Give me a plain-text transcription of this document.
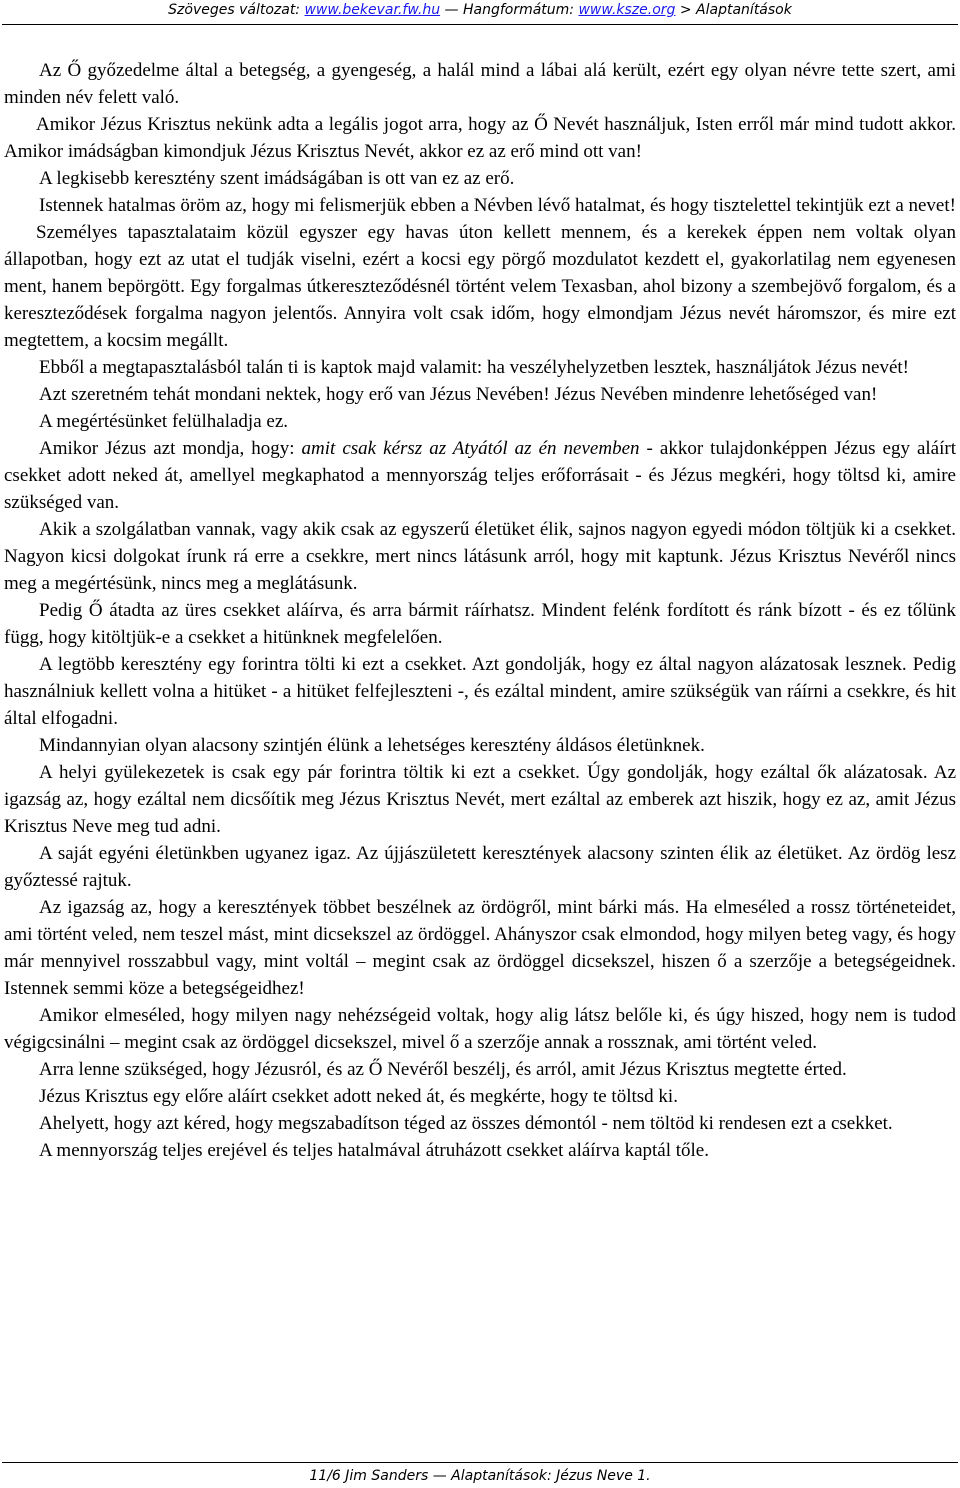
Szöveges változat: www.bekevar.fw.hu — Hangformátum: www.ksze.org > Alaptanítások

Az Ő győzedelme által a betegség, a gyengeség, a halál mind a lábai alá került, ezért egy olyan névre tette szert, ami minden név felett való.

Amikor Jézus Krisztus nekünk adta a legális jogot arra, hogy az Ő Nevét használjuk, Isten erről már mind tudott akkor. Amikor imádságban kimondjuk Jézus Krisztus Nevét, akkor ez az erő mind ott van!

A legkisebb keresztény szent imádságában is ott van ez az erő.

Istennek hatalmas öröm az, hogy mi felismerjük ebben a Névben lévő hatalmat, és hogy tisztelettel tekintjük ezt a nevet!

Személyes tapasztalataim közül egyszer egy havas úton kellett mennem, és a kerekek éppen nem voltak olyan állapotban, hogy ezt az utat el tudják viselni, ezért a kocsi egy pörgő mozdulatot kezdett el, gyakorlatilag nem egyenesen ment, hanem bepörgött. Egy forgalmas útkereszteződésnél történt velem Texasban, ahol bizony a szembejövő forgalom, és a kereszteződések forgalma nagyon jelentős. Annyira volt csak időm, hogy elmondjam Jézus nevét háromszor, és mire ezt megtettem, a kocsim megállt.

Ebből a megtapasztalásból talán ti is kaptok majd valamit: ha veszélyhelyzetben lesztek, használjátok Jézus nevét!

Azt szeretném tehát mondani nektek, hogy erő van Jézus Nevében! Jézus Nevében mindenre lehetőséged van!

A megértésünket felülhaladja ez.

Amikor Jézus azt mondja, hogy: amit csak kérsz az Atyától az én nevemben - akkor tulajdonképpen Jézus egy aláírt csekket adott neked át, amellyel megkaphatod a mennyország teljes erőforrásait - és Jézus megkéri, hogy töltsd ki, amire szükséged van.

Akik a szolgálatban vannak, vagy akik csak az egyszerű életüket élik, sajnos nagyon egyedi módon töltjük ki a csekket. Nagyon kicsi dolgokat írunk rá erre a csekkre, mert nincs látásunk arról, hogy mit kaptunk. Jézus Krisztus Nevéről nincs meg a megértésünk, nincs meg a meglátásunk.

Pedig Ő átadta az üres csekket aláírva, és arra bármit ráírhatsz. Mindent felénk fordított és ránk bízott - és ez tőlünk függ, hogy kitöltjük-e a csekket a hitünknek megfelelően.

A legtöbb keresztény egy forintra tölti ki ezt a csekket. Azt gondolják, hogy ez által nagyon alázatosak lesznek. Pedig használniuk kellett volna a hitüket - a hitüket felfejleszteni -, és ezáltal mindent, amire szükségük van ráírni a csekkre, és hit által elfogadni.

Mindannyian olyan alacsony szintjén élünk a lehetséges keresztény áldásos életünknek.

A helyi gyülekezetek is csak egy pár forintra töltik ki ezt a csekket. Úgy gondolják, hogy ezáltal ők alázatosak. Az igazság az, hogy ezáltal nem dicsőítik meg Jézus Krisztus Nevét, mert ezáltal az emberek azt hiszik, hogy ez az, amit Jézus Krisztus Neve meg tud adni.

A saját egyéni életünkben ugyanez igaz. Az újjászületett keresztények alacsony szinten élik az életüket. Az ördög lesz győztessé rajtuk.

Az igazság az, hogy a keresztények többet beszélnek az ördögről, mint bárki más. Ha elmeséled a rossz történeteidet, ami történt veled, nem teszel mást, mint dicsekszel az ördöggel. Ahányszor csak elmondod, hogy milyen beteg vagy, és hogy már mennyivel rosszabbul vagy, mint voltál – megint csak az ördöggel dicsekszel, hiszen ő a szerzője a betegségeidnek. Istennek semmi köze a betegségeidhez!

Amikor elmeséled, hogy milyen nagy nehézségeid voltak, hogy alig látsz belőle ki, és úgy hiszed, hogy nem is tudod végigcsinálni – megint csak az ördöggel dicsekszel, mivel ő a szerzője annak a rossznak, ami történt veled.

Arra lenne szükséged, hogy Jézusról, és az Ő Nevéről beszélj, és arról, amit Jézus Krisztus megtette érted.

Jézus Krisztus egy előre aláírt csekket adott neked át, és megkérte, hogy te töltsd ki.

Ahelyett, hogy azt kéred, hogy megszabadítson téged az összes démontól - nem töltöd ki rendesen ezt a csekket.

A mennyország teljes erejével és teljes hatalmával átruházott csekket aláírva kaptál tőle.

11/6 Jim Sanders — Alaptanítások: Jézus Neve 1.
